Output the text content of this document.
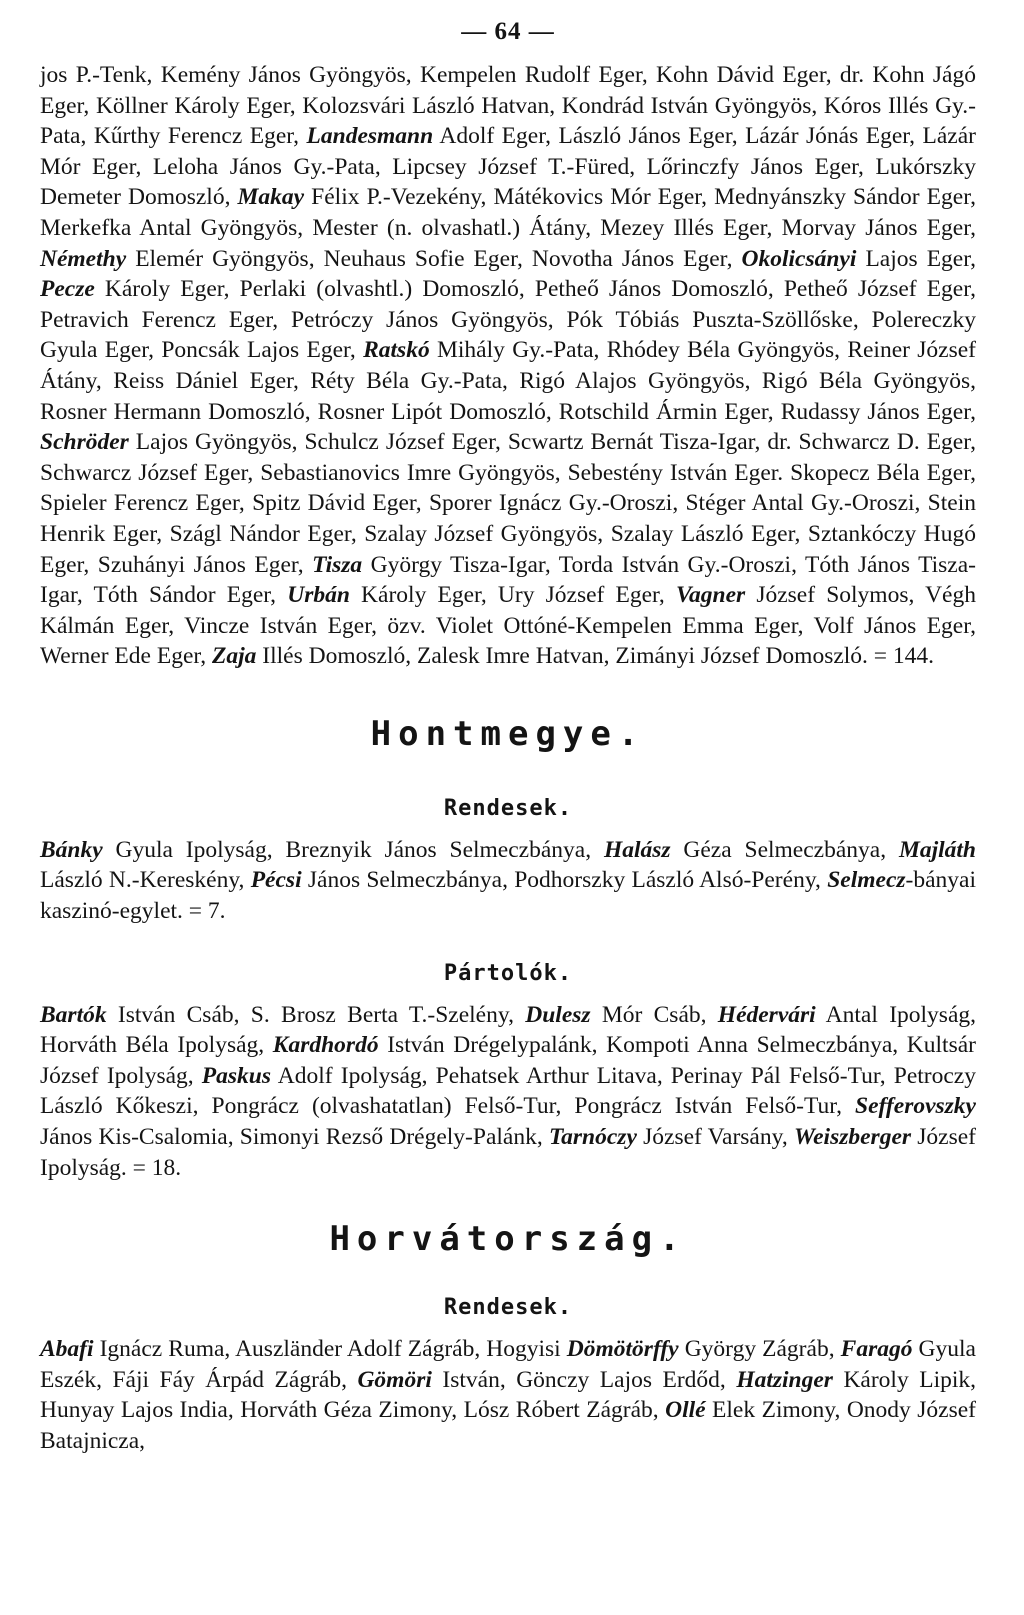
— 64 —

jos P.-Tenk, Kemény János Gyöngyös, Kempelen Rudolf Eger, Kohn Dávid Eger, dr. Kohn Jágó Eger, Köllner Károly Eger, Kolozsvári László Hatvan, Kondrád István Gyöngyös, Kóros Illés Gy.-Pata, Kűrthy Ferencz Eger, Landesmann Adolf Eger, László János Eger, Lázár Jónás Eger, Lázár Mór Eger, Leloha János Gy.-Pata, Lipcsey József T.-Füred, Lőrinczfy János Eger, Lukórszky Demeter Domoszló, Makay Félix P.-Vezekény, Mátékovics Mór Eger, Mednyánszky Sándor Eger, Merkefka Antal Gyöngyös, Mester (n. olvashatl.) Átány, Mezey Illés Eger, Morvay János Eger, Némethy Elemér Gyöngyös, Neuhaus Sofie Eger, Novotha János Eger, Okolicsányi Lajos Eger, Pecze Károly Eger, Perlaki (olvashtl.) Domoszló, Petheő János Domoszló, Petheő József Eger, Petravich Ferencz Eger, Petróczy János Gyöngyös, Pók Tóbiás Puszta-Szöllőske, Polereczky Gyula Eger, Poncsák Lajos Eger, Ratskó Mihály Gy.-Pata, Rhódey Béla Gyöngyös, Reiner József Átány, Reiss Dániel Eger, Réty Béla Gy.-Pata, Rigó Alajos Gyöngyös, Rigó Béla Gyöngyös, Rosner Hermann Domoszló, Rosner Lipót Domoszló, Rotschild Ármin Eger, Rudassy János Eger, Schröder Lajos Gyöngyös, Schulcz József Eger, Scwartz Bernát Tisza-Igar, dr. Schwarcz D. Eger, Schwarcz József Eger, Sebastianovics Imre Gyöngyös, Sebestény István Eger. Skopecz Béla Eger, Spieler Ferencz Eger, Spitz Dávid Eger, Sporer Ignácz Gy.-Oroszi, Stéger Antal Gy.-Oroszi, Stein Henrik Eger, Szágl Nándor Eger, Szalay József Gyöngyös, Szalay László Eger, Sztankóczy Hugó Eger, Szuhányi János Eger, Tisza György Tisza-Igar, Torda István Gy.-Oroszi, Tóth János Tisza-Igar, Tóth Sándor Eger, Urbán Károly Eger, Ury József Eger, Vagner József Solymos, Végh Kálmán Eger, Vincze István Eger, özv. Violet Ottóné-Kempelen Emma Eger, Volf János Eger, Werner Ede Eger, Zaja Illés Domoszló, Zalesk Imre Hatvan, Zimányi József Domoszló. = 144.

Hontmegye.
Rendesek.

Bánky Gyula Ipolyság, Breznyik János Selmeczbánya, Halász Géza Selmeczbánya, Majláth László N.-Kereskény, Pécsi János Selmeczbánya, Podhorszky László Alsó-Perény, Selmecz-bányai kaszinó-egylet. = 7.

Pártolók.

Bartók István Csáb, S. Brosz Berta T.-Szelény, Dulesz Mór Csáb, Hédervári Antal Ipolyság, Horváth Béla Ipolyság, Kardhordó István Drégelypalánk, Kompoti Anna Selmeczbánya, Kultsár József Ipolyság, Paskus Adolf Ipolyság, Pehatsek Arthur Litava, Perinay Pál Felső-Tur, Petroczy László Kőkeszi, Pongrácz (olvashatatlan) Felső-Tur, Pongrácz István Felső-Tur, Sefferovszky János Kis-Csalomia, Simonyi Rezső Drégely-Palánk, Tarnóczy József Varsány, Weiszberger József Ipolyság. = 18.

Horvátország.
Rendesek.

Abafi Ignácz Ruma, Auszländer Adolf Zágráb, Hogyisi Dömötörffy György Zágráb, Faragó Gyula Eszék, Fáji Fáy Árpád Zágráb, Gömöri István, Gönczy Lajos Erdőd, Hatzinger Károly Lipik, Hunyay Lajos India, Horváth Géza Zimony, Lósz Róbert Zágráb, Ollé Elek Zimony, Onody József Batajnicza,
